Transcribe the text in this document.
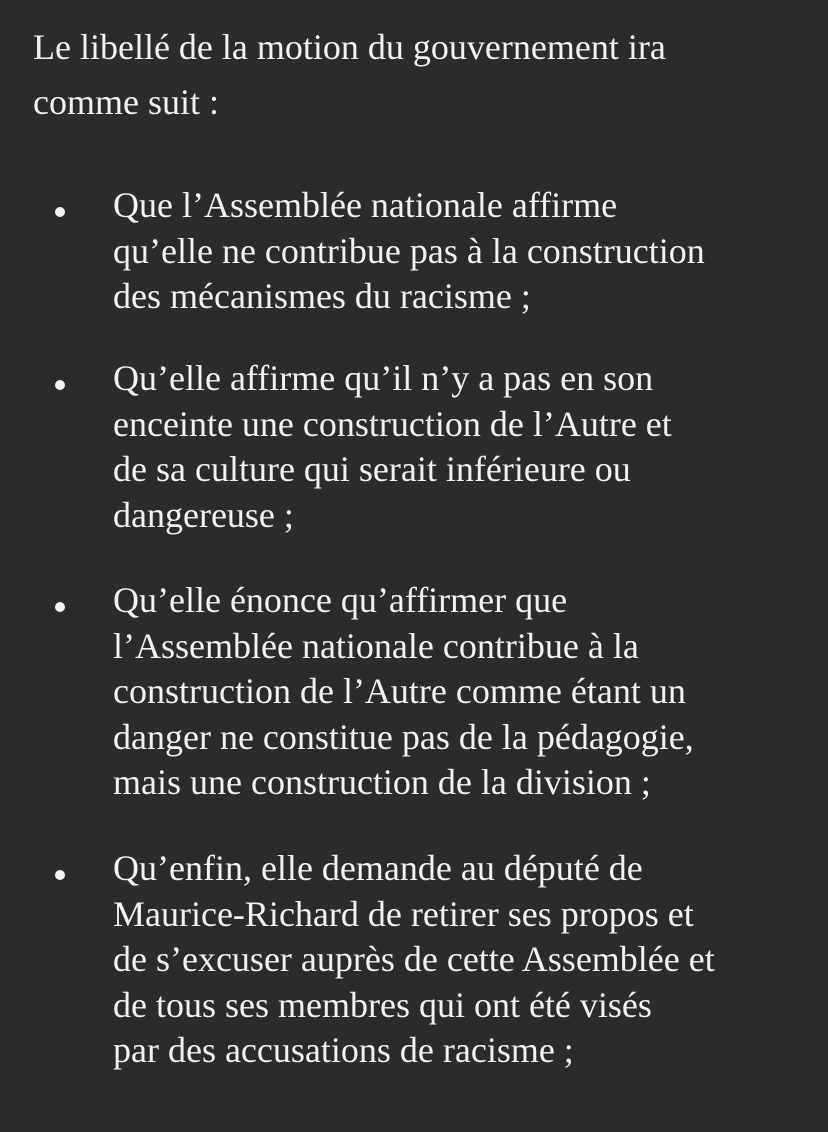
Le libellé de la motion du gouvernement ira
comme suit :

Que l’Assemblée nationale affirme
qu’elle ne contribue pas à la construction
des mécanismes du racisme ;

Qu’elle affirme qu’il n’y a pas en son
enceinte une construction de l’Autre et
de sa culture qui serait inférieure ou
dangereuse ;

Qu’elle énonce qu’affirmer que
l’Assemblée nationale contribue à la
construction de l’Autre comme étant un
danger ne constitue pas de la pédagogie,
mais une construction de la division ;

Qu’enfin, elle demande au député de
Maurice-Richard de retirer ses propos et
de s’excuser auprès de cette Assemblée et
de tous ses membres qui ont été visés
par des accusations de racisme ;
